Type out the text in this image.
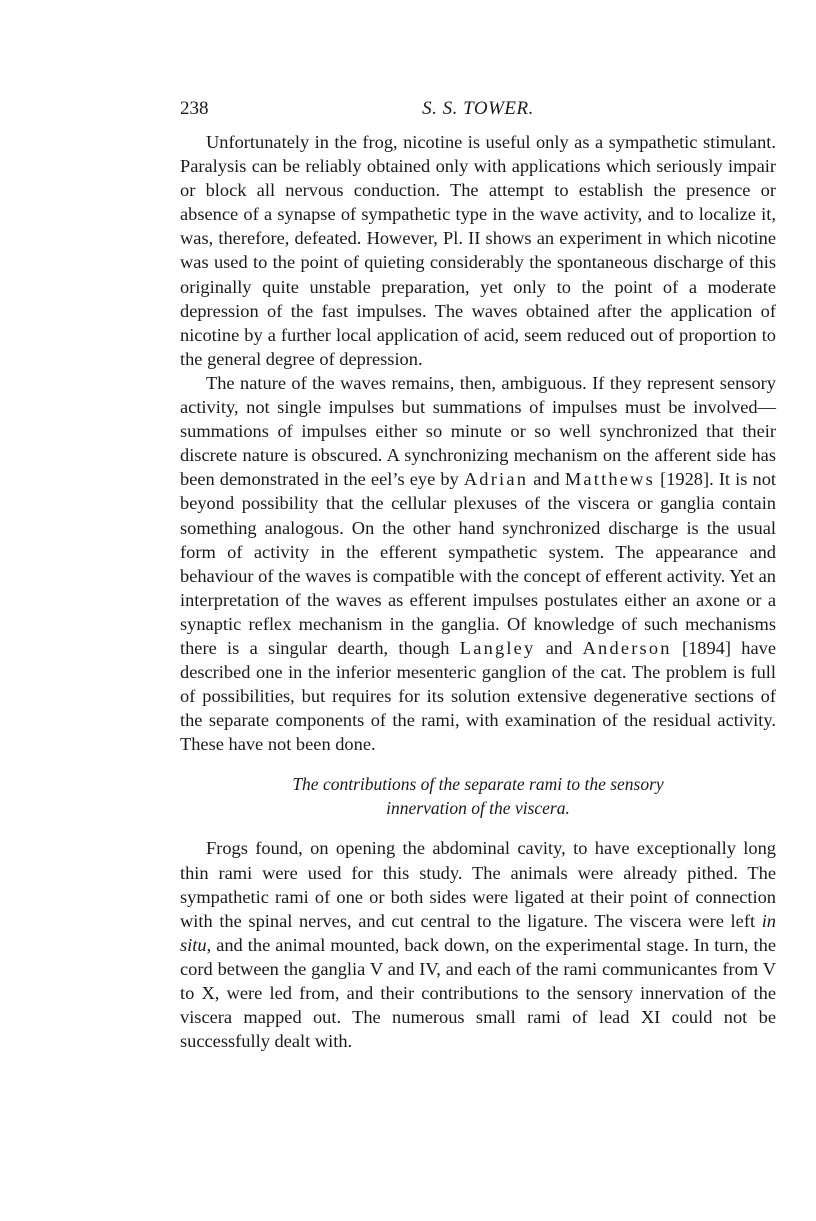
238	S. S. TOWER.

Unfortunately in the frog, nicotine is useful only as a sympathetic stimulant. Paralysis can be reliably obtained only with applications which seriously impair or block all nervous conduction. The attempt to establish the presence or absence of a synapse of sympathetic type in the wave activity, and to localize it, was, therefore, defeated. However, Pl. II shows an experiment in which nicotine was used to the point of quieting considerably the spontaneous discharge of this originally quite unstable preparation, yet only to the point of a moderate depression of the fast impulses. The waves obtained after the application of nicotine by a further local application of acid, seem reduced out of proportion to the general degree of depression.

The nature of the waves remains, then, ambiguous. If they represent sensory activity, not single impulses but summations of impulses must be involved—summations of impulses either so minute or so well synchronized that their discrete nature is obscured. A synchronizing mechanism on the afferent side has been demonstrated in the eel’s eye by Adrian and Matthews [1928]. It is not beyond possibility that the cellular plexuses of the viscera or ganglia contain something analogous. On the other hand synchronized discharge is the usual form of activity in the efferent sympathetic system. The appearance and behaviour of the waves is compatible with the concept of efferent activity. Yet an interpretation of the waves as efferent impulses postulates either an axone or a synaptic reflex mechanism in the ganglia. Of knowledge of such mechanisms there is a singular dearth, though Langley and Anderson [1894] have described one in the inferior mesenteric ganglion of the cat. The problem is full of possibilities, but requires for its solution extensive degenerative sections of the separate components of the rami, with examination of the residual activity. These have not been done.

The contributions of the separate rami to the sensory
innervation of the viscera.

Frogs found, on opening the abdominal cavity, to have exceptionally long thin rami were used for this study. The animals were already pithed. The sympathetic rami of one or both sides were ligated at their point of connection with the spinal nerves, and cut central to the ligature. The viscera were left in situ, and the animal mounted, back down, on the experimental stage. In turn, the cord between the ganglia V and IV, and each of the rami communicantes from V to X, were led from, and their contributions to the sensory innervation of the viscera mapped out. The numerous small rami of lead XI could not be successfully dealt with.
